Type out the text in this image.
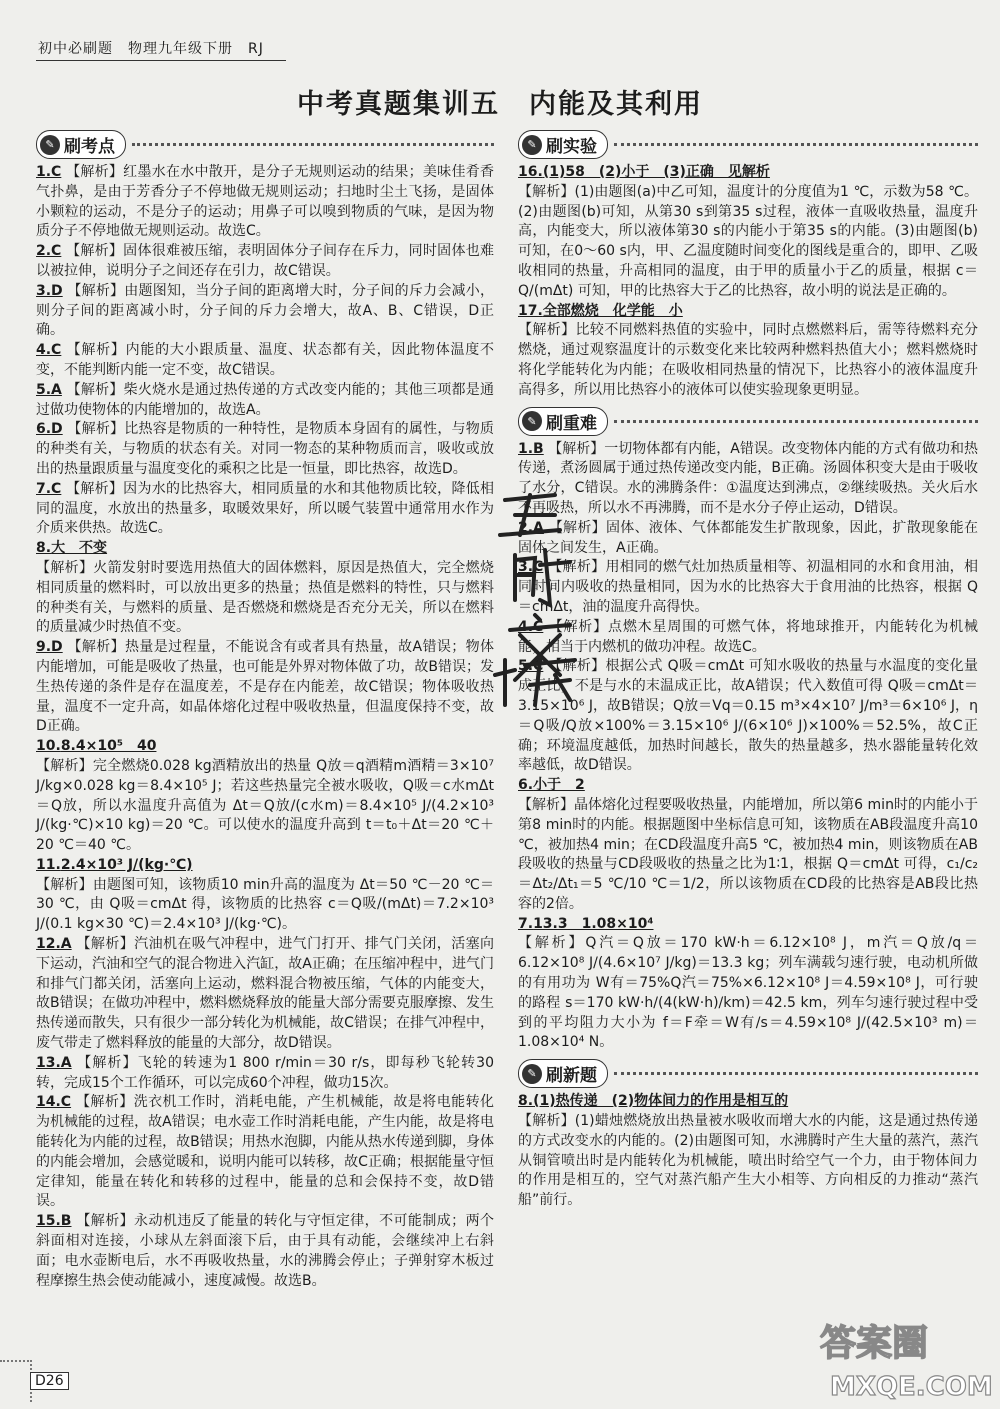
初中必刷题　物理九年级下册　RJ
中考真题集训五　内能及其利用
✎ 刷考点
1.C 【解析】红墨水在水中散开，是分子无规则运动的结果；美味佳肴香气扑鼻，是由于芳香分子不停地做无规则运动；扫地时尘土飞扬，是固体小颗粒的运动，不是分子的运动；用鼻子可以嗅到物质的气味，是因为物质分子不停地做无规则运动。故选C。
2.C 【解析】固体很难被压缩，表明固体分子间存在斥力，同时固体也难以被拉伸，说明分子之间还存在引力，故C错误。
3.D 【解析】由题图知，当分子间的距离增大时，分子间的斥力会减小，则分子间的距离减小时，分子间的斥力会增大，故A、B、C错误，D正确。
4.C 【解析】内能的大小跟质量、温度、状态都有关，因此物体温度不变，不能判断内能一定不变，故C错误。
5.A 【解析】柴火烧水是通过热传递的方式改变内能的；其他三项都是通过做功使物体的内能增加的，故选A。
6.D 【解析】比热容是物质的一种特性，是物质本身固有的属性，与物质的种类有关，与物质的状态有关。对同一物态的某种物质而言，吸收或放出的热量跟质量与温度变化的乘积之比是一恒量，即比热容，故选D。
7.C 【解析】因为水的比热容大，相同质量的水和其他物质比较，降低相同的温度，水放出的热量多，取暖效果好，所以暖气装置中通常用水作为介质来供热。故选C。
8.大　不变
【解析】火箭发射时要选用热值大的固体燃料，原因是热值大，完全燃烧相同质量的燃料时，可以放出更多的热量；热值是燃料的特性，只与燃料的种类有关，与燃料的质量、是否燃烧和燃烧是否充分无关，所以在燃料的质量减少时热值不变。
9.D 【解析】热量是过程量，不能说含有或者具有热量，故A错误；物体内能增加，可能是吸收了热量，也可能是外界对物体做了功，故B错误；发生热传递的条件是存在温度差，不是存在内能差，故C错误；物体吸收热量，温度不一定升高，如晶体熔化过程中吸收热量，但温度保持不变，故D正确。
10.8.4×10⁵　40
【解析】完全燃烧0.028 kg酒精放出的热量 Q放＝q酒精m酒精＝3×10⁷ J/kg×0.028 kg＝8.4×10⁵ J；若这些热量完全被水吸收，Q吸＝c水mΔt＝Q放，所以水温度升高值为 Δt＝Q放/(c水m)＝8.4×10⁵ J/(4.2×10³ J/(kg·℃)×10 kg)＝20 ℃。可以使水的温度升高到 t＝t₀＋Δt＝20 ℃＋20 ℃＝40 ℃。
11.2.4×10³ J/(kg·℃)
【解析】由题图可知，该物质10 min升高的温度为 Δt＝50 ℃－20 ℃＝30 ℃，由 Q吸＝cmΔt 得，该物质的比热容 c＝Q吸/(mΔt)＝7.2×10³ J/(0.1 kg×30 ℃)＝2.4×10³ J/(kg·℃)。
12.A 【解析】汽油机在吸气冲程中，进气门打开、排气门关闭，活塞向下运动，汽油和空气的混合物进入汽缸，故A正确；在压缩冲程中，进气门和排气门都关闭，活塞向上运动，燃料混合物被压缩，气体的内能变大，故B错误；在做功冲程中，燃料燃烧释放的能量大部分需要克服摩擦、发生热传递而散失，只有很少一部分转化为机械能，故C错误；在排气冲程中，废气带走了燃料释放的能量的大部分，故D错误。
13.A 【解析】飞轮的转速为1 800 r/min＝30 r/s，即每秒飞轮转30转，完成15个工作循环，可以完成60个冲程，做功15次。
14.C 【解析】洗衣机工作时，消耗电能，产生机械能，故是将电能转化为机械能的过程，故A错误；电水壶工作时消耗电能，产生内能，故是将电能转化为内能的过程，故B错误；用热水泡脚，内能从热水传递到脚，身体的内能会增加，会感觉暖和，说明内能可以转移，故C正确；根据能量守恒定律知，能量在转化和转移的过程中，能量的总和会保持不变，故D错误。
15.B 【解析】永动机违反了能量的转化与守恒定律，不可能制成；两个斜面相对连接，小球从左斜面滚下后，由于具有动能，会继续冲上右斜面；电水壶断电后，水不再吸收热量，水的沸腾会停止；子弹射穿木板过程摩擦生热会使动能减小，速度减慢。故选B。
✎ 刷实验
16.(1)58　(2)小于　(3)正确　见解析
【解析】(1)由题图(a)中乙可知，温度计的分度值为1 ℃，示数为58 ℃。(2)由题图(b)可知，从第30 s到第35 s过程，液体一直吸收热量，温度升高，内能变大，所以液体第30 s的内能小于第35 s的内能。(3)由题图(b)可知，在0～60 s内，甲、乙温度随时间变化的图线是重合的，即甲、乙吸收相同的热量，升高相同的温度，由于甲的质量小于乙的质量，根据 c＝Q/(mΔt) 可知，甲的比热容大于乙的比热容，故小明的说法是正确的。
17.全部燃烧　化学能　小
【解析】比较不同燃料热值的实验中，同时点燃燃料后，需等待燃料充分燃烧，通过观察温度计的示数变化来比较两种燃料热值大小；燃料燃烧时将化学能转化为内能；在吸收相同热量的情况下，比热容小的液体温度升高得多，所以用比热容小的液体可以使实验现象更明显。
✎ 刷重难
1.B 【解析】一切物体都有内能，A错误。改变物体内能的方式有做功和热传递，煮汤圆属于通过热传递改变内能，B正确。汤圆体积变大是由于吸收了水分，C错误。水的沸腾条件：①温度达到沸点，②继续吸热。关火后水不再吸热，所以水不再沸腾，而不是水分子停止运动，D错误。
2.A 【解析】固体、液体、气体都能发生扩散现象，因此，扩散现象能在固体之间发生，A正确。
3.C 【解析】用相同的燃气灶加热质量相等、初温相同的水和食用油，相同时间内吸收的热量相同，因为水的比热容大于食用油的比热容，根据 Q＝cmΔt，油的温度升高得快。
4.C 【解析】点燃木星周围的可燃气体，将地球推开，内能转化为机械能，相当于内燃机的做功冲程。故选C。
5.C 【解析】根据公式 Q吸＝cmΔt 可知水吸收的热量与水温度的变化量成正比，不是与水的末温成正比，故A错误；代入数值可得 Q吸＝cmΔt＝3.15×10⁶ J，故B错误；Q放＝Vq＝0.15 m³×4×10⁷ J/m³＝6×10⁶ J，η＝Q吸/Q放×100%＝3.15×10⁶ J/(6×10⁶ J)×100%＝52.5%，故C正确；环境温度越低，加热时间越长，散失的热量越多，热水器能量转化效率越低，故D错误。
6.小于　2
【解析】晶体熔化过程要吸收热量，内能增加，所以第6 min时的内能小于第8 min时的内能。根据题图中坐标信息可知，该物质在AB段温度升高10 ℃，被加热4 min；在CD段温度升高5 ℃，被加热4 min，则该物质在AB段吸收的热量与CD段吸收的热量之比为1∶1，根据 Q＝cmΔt 可得，c₁/c₂＝Δt₂/Δt₁＝5 ℃/10 ℃＝1/2，所以该物质在CD段的比热容是AB段比热容的2倍。
7.13.3　1.08×10⁴
【解析】Q汽＝Q放＝170 kW·h＝6.12×10⁸ J，m汽＝Q放/q＝6.12×10⁸ J/(4.6×10⁷ J/kg)＝13.3 kg；列车满载匀速行驶，电动机所做的有用功为 W有＝75%Q汽＝75%×6.12×10⁸ J＝4.59×10⁸ J，可行驶的路程 s＝170 kW·h/(4(kW·h)/km)＝42.5 km，列车匀速行驶过程中受到的平均阻力大小为 f＝F牵＝W有/s＝4.59×10⁸ J/(42.5×10³ m)＝1.08×10⁴ N。
✎ 刷新题
8.(1)热传递　(2)物体间力的作用是相互的
【解析】(1)蜡烛燃烧放出热量被水吸收而增大水的内能，这是通过热传递的方式改变水的内能的。(2)由题图可知，水沸腾时产生大量的蒸汽，蒸汽从铜管喷出时是内能转化为机械能，喷出时给空气一个力，由于物体间力的作用是相互的，空气对蒸汽船产生大小相等、方向相反的力推动“蒸汽船”前行。
D26
答案圈
MXQE.COM
